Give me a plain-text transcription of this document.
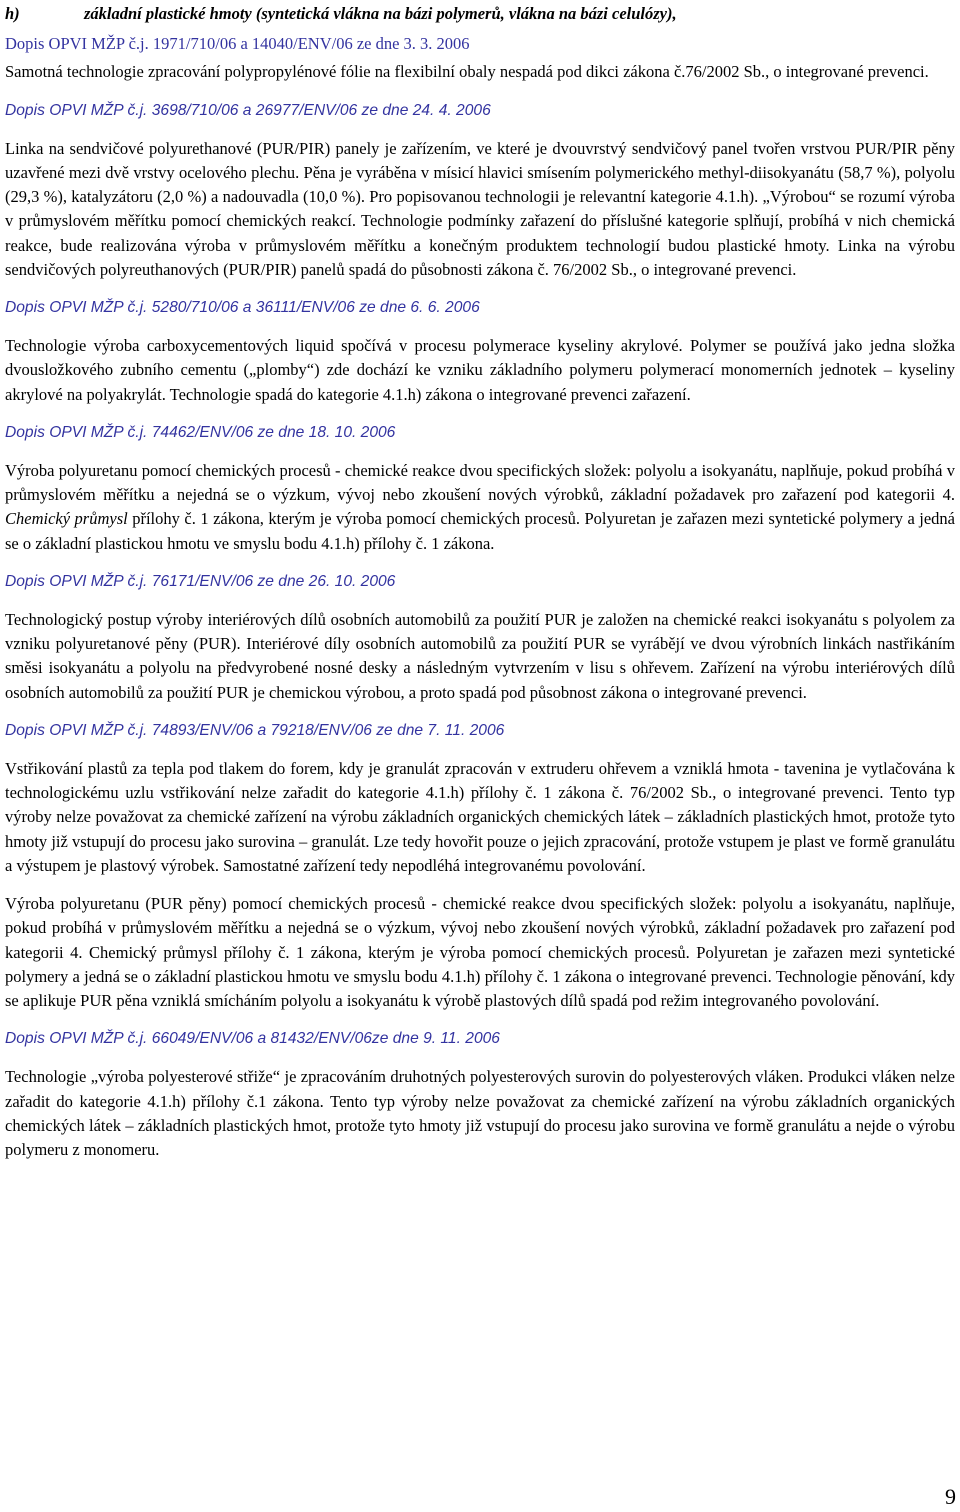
h)	základní plastické hmoty (syntetická vlákna na bázi polymerů, vlákna na bázi celulózy),

Dopis OPVI MŽP č.j. 1971/710/06 a 14040/ENV/06 ze dne 3. 3. 2006

Samotná technologie zpracování polypropylénové fólie na flexibilní obaly nespadá pod dikci zákona č.76/2002 Sb., o integrované prevenci.

Dopis OPVI MŽP č.j. 3698/710/06 a 26977/ENV/06 ze dne 24. 4. 2006

Linka na sendvičové polyurethanové (PUR/PIR) panely je zařízením, ve které je dvouvrstvý sendvičový panel tvořen vrstvou PUR/PIR pěny uzavřené mezi dvě vrstvy ocelového plechu. Pěna je vyráběna v mísicí hlavici smísením polymerického methyl-diisokyanátu (58,7 %), polyolu (29,3 %), katalyzátoru (2,0 %) a nadouvadla (10,0 %). Pro popisovanou technologii je relevantní kategorie 4.1.h). „Výrobou“ se rozumí výroba v průmyslovém měřítku pomocí chemických reakcí. Technologie podmínky zařazení do příslušné kategorie splňují, probíhá v nich chemická reakce, bude realizována výroba v průmyslovém měřítku a konečným produktem technologií budou plastické hmoty. Linka na výrobu sendvičových polyreuthanových (PUR/PIR) panelů spadá do působnosti zákona č. 76/2002 Sb., o integrované prevenci.

Dopis OPVI MŽP č.j. 5280/710/06 a 36111/ENV/06 ze dne 6. 6. 2006

Technologie výroba carboxycementových liquid spočívá v procesu polymerace kyseliny akrylové. Polymer se používá jako jedna složka dvousložkového zubního cementu („plomby“) zde dochází ke vzniku základního polymeru polymerací monomerních jednotek – kyseliny akrylové na polyakrylát. Technologie spadá do kategorie 4.1.h) zákona o integrované prevenci zařazení.

Dopis OPVI MŽP č.j. 74462/ENV/06 ze dne 18. 10. 2006

Výroba polyuretanu pomocí chemických procesů - chemické reakce dvou specifických složek: polyolu a isokyanátu, naplňuje, pokud probíhá v průmyslovém měřítku a nejedná se o výzkum, vývoj nebo zkoušení nových výrobků, základní požadavek pro zařazení pod kategorii 4. Chemický průmysl přílohy č. 1 zákona, kterým je výroba pomocí chemických procesů. Polyuretan je zařazen mezi syntetické polymery a jedná se o základní plastickou hmotu ve smyslu bodu 4.1.h) přílohy č. 1 zákona.

Dopis OPVI MŽP č.j. 76171/ENV/06 ze dne 26. 10. 2006

Technologický postup výroby interiérových dílů osobních automobilů za použití PUR je založen na chemické reakci isokyanátu s polyolem za vzniku polyuretanové pěny (PUR). Interiérové díly osobních automobilů za použití PUR se vyrábějí ve dvou výrobních linkách nastřikáním směsi isokyanátu a polyolu na předvyrobené nosné desky a následným vytvrzením v lisu s ohřevem. Zařízení na výrobu interiérových dílů osobních automobilů za použití PUR je chemickou výrobou, a proto spadá pod působnost zákona o integrované prevenci.

Dopis OPVI MŽP č.j. 74893/ENV/06 a 79218/ENV/06 ze dne 7. 11. 2006

Vstřikování plastů za tepla pod tlakem do forem, kdy je granulát zpracován v extruderu ohřevem a vzniklá hmota - tavenina je vytlačována k technologickému uzlu vstřikování nelze zařadit do kategorie 4.1.h) přílohy č. 1 zákona č. 76/2002 Sb., o integrované prevenci. Tento typ výroby nelze považovat za chemické zařízení na výrobu základních organických chemických látek – základních plastických hmot, protože tyto hmoty již vstupují do procesu jako surovina – granulát. Lze tedy hovořit pouze o jejich zpracování, protože vstupem je plast ve formě granulátu a výstupem je plastový výrobek. Samostatné zařízení tedy nepodléhá integrovanému povolování.

Výroba polyuretanu (PUR pěny) pomocí chemických procesů - chemické reakce dvou specifických složek: polyolu a isokyanátu, naplňuje, pokud probíhá v průmyslovém měřítku a nejedná se o výzkum, vývoj nebo zkoušení nových výrobků, základní požadavek pro zařazení pod kategorii 4. Chemický průmysl přílohy č. 1 zákona, kterým je výroba pomocí chemických procesů. Polyuretan je zařazen mezi syntetické polymery a jedná se o základní plastickou hmotu ve smyslu bodu 4.1.h) přílohy č. 1 zákona o integrované prevenci. Technologie pěnování, kdy se aplikuje PUR pěna vzniklá smícháním polyolu a isokyanátu k výrobě plastových dílů spadá pod režim integrovaného povolování.

Dopis OPVI MŽP č.j. 66049/ENV/06 a 81432/ENV/06ze dne 9. 11. 2006

Technologie „výroba polyesterové střiže“ je zpracováním druhotných polyesterových surovin do polyesterových vláken. Produkci vláken nelze zařadit do kategorie 4.1.h) přílohy č.1 zákona. Tento typ výroby nelze považovat za chemické zařízení na výrobu základních organických chemických látek – základních plastických hmot, protože tyto hmoty již vstupují do procesu jako surovina ve formě granulátu a nejde o výrobu polymeru z monomeru.

9
